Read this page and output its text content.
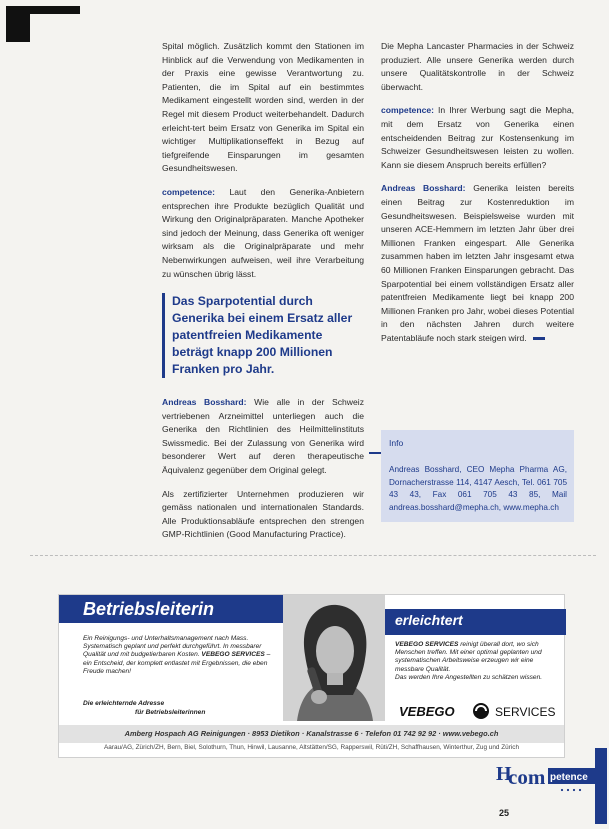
Spital möglich. Zusätzlich kommt den Stationen im Hinblick auf die Verwendung von Medikamenten in der Praxis eine gewisse Verantwortung zu. Patienten, die im Spital auf ein bestimmtes Medikament eingestellt worden sind, werden in der Regel mit diesem Product weiterbehandelt. Dadurch erleicht-tert beim Ersatz von Generika im Spital ein wichtiger Multiplikationseffekt in Bezug auf tiefgreifende Einsparungen im gesamten Gesundheitswesen.

competence: Laut den Generika-Anbietern entsprechen ihre Produkte bezüglich Qualität und Wirkung den Originalpräparaten. Manche Apotheker sind jedoch der Meinung, dass Generika oft weniger wirksam als die Originalpräparate und mehr Nebenwirkungen aufweisen, weil ihre Verarbeitung zu wünschen übrig lässt.

Das Sparpotential durch Generika bei einem Ersatz aller patentfreien Medikamente beträgt knapp 200 Millionen Franken pro Jahr.

Andreas Bosshard: Wie alle in der Schweiz vertriebenen Arzneimittel unterliegen auch die Generika den Richtlinien des Heilmittelinstituts Swissmedic. Bei der Zulassung von Generika wird besonderer Wert auf deren therapeutische Äquivalenz gegenüber dem Original gelegt.

Als zertifizierter Unternehmen produzieren wir gemäss nationalen und internationalen Standards. Alle Produktionsabläufe entsprechen den strengen GMP-Richtlinien (Good Manufacturing Practice).

Die Mepha Lancaster Pharmacies in der Schweiz produziert. Alle unsere Generika werden durch unsere Qualitätskontrolle in der Schweiz überwacht.

competence: In Ihrer Werbung sagt die Mepha, mit dem Ersatz von Generika einen entscheidenden Beitrag zur Kostensenkung im Schweizer Gesundheitswesen leisten zu wollen. Kann sie diesem Anspruch bereits erfüllen?

Andreas Bosshard: Generika leisten bereits einen Beitrag zur Kostenreduktion im Gesundheitswesen. Beispielsweise wurden mit unseren ACE-Hemmern im letzten Jahr über drei Millionen Franken eingespart. Alle Generika zusammen haben im letzten Jahr insgesamt etwa 60 Millionen Franken Einsparungen gebracht. Das Sparpotential bei einem vollständigen Ersatz aller patentfreien Medikamente liegt bei knapp 200 Millionen Franken pro Jahr, wobei dieses Potential in den nächsten Jahren durch weitere Patentabläufe noch stark steigen wird.

Info
Andreas Bosshard, CEO Mepha Pharma AG, Dornacherstrasse 114, 4147 Aesch, Tel. 061 705 43 43, Fax 061 705 43 85, Mail andreas.bosshard@mepha.ch, www.mepha.ch
Betriebsleiterin
erleichtert
Ein Reinigungs- und Unterhaltsmanagement nach Mass. Systematisch geplant und perfekt durchgeführt. In messbarer Qualität und mit budgetierbaren Kosten. VEBEGO SERVICES – ein Entscheid, der komplett entlastet mit Ergebnissen, die eben Freude machen!
VEBEGO SERVICES reinigt überall dort, wo sich Menschen treffen. Mit einer optimal geplanten und systematischen Arbeitsweise erzeugen wir eine messbare Qualität.
Das werden Ihre Angestellten zu schätzen wissen.
Die erleichternde Adresse
für Betriebsleiterinnen	VEBEGO	SERVICES
Amberg Hospach AG Reinigungen · 8953 Dietikon · Kanalstrasse 6 · Telefon 01 742 92 92 · www.vebego.ch
Aarau/AG, Zürich/ZH, Bern, Biel, Solothurn, Thun, Hinwil, Lausanne, Altstätten/SG, Rapperswil, Rüti/ZH, Schaffhausen, Winterthur, Zug und Zürich
H
com petence
25
